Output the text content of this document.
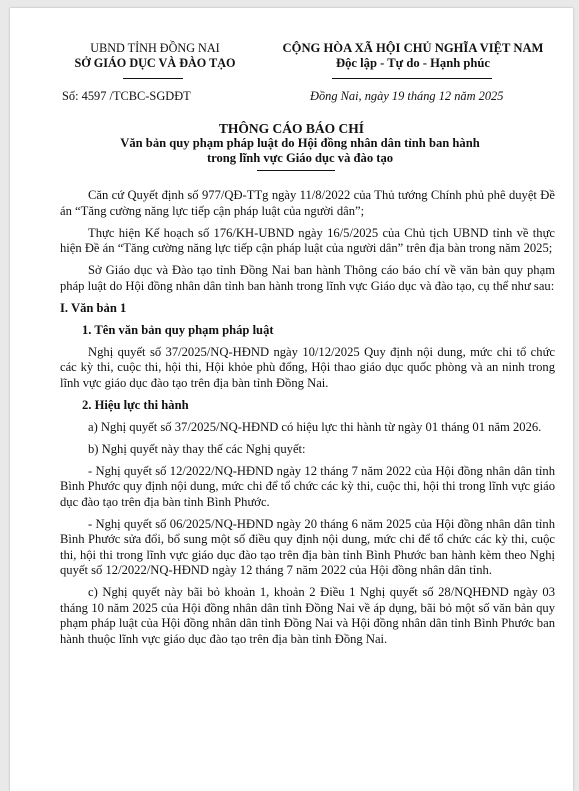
UBND TỈNH ĐỒNG NAI
SỞ GIÁO DỤC VÀ ĐÀO TẠO
CỘNG HÒA XÃ HỘI CHỦ NGHĨA VIỆT NAM
Độc lập - Tự do - Hạnh phúc
Số: 4597 /TCBC-SGDĐT	Đồng Nai, ngày 19 tháng 12 năm 2025
THÔNG CÁO BÁO CHÍ
Văn bản quy phạm pháp luật do Hội đồng nhân dân tỉnh ban hành
trong lĩnh vực Giáo dục và đào tạo

Căn cứ Quyết định số 977/QĐ-TTg ngày 11/8/2022 của Thủ tướng Chính phủ phê duyệt Đề án “Tăng cường năng lực tiếp cận pháp luật của người dân”;

Thực hiện Kế hoạch số 176/KH-UBND ngày 16/5/2025 của Chủ tịch UBND tỉnh về thực hiện Đề án “Tăng cường năng lực tiếp cận pháp luật của người dân” trên địa bàn trong năm 2025;

Sở Giáo dục và Đào tạo tỉnh Đồng Nai ban hành Thông cáo báo chí về văn bản quy phạm pháp luật do Hội đồng nhân dân tỉnh ban hành trong lĩnh vực Giáo dục và đào tạo, cụ thể như sau:

I. Văn bản 1

1. Tên văn bản quy phạm pháp luật

Nghị quyết số 37/2025/NQ-HĐND ngày 10/12/2025 Quy định nội dung, mức chi tổ chức các kỳ thi, cuộc thi, hội thi, Hội khỏe phù đổng, Hội thao giáo dục quốc phòng và an ninh trong lĩnh vực giáo dục đào tạo trên địa bàn tỉnh Đồng Nai.

2. Hiệu lực thi hành

a) Nghị quyết số 37/2025/NQ-HĐND có hiệu lực thi hành từ ngày 01 tháng 01 năm 2026.

b) Nghị quyết này thay thế các Nghị quyết:

- Nghị quyết số 12/2022/NQ-HĐND ngày 12 tháng 7 năm 2022 của Hội đồng nhân dân tỉnh Bình Phước quy định nội dung, mức chi để tổ chức các kỳ thi, cuộc thi, hội thi trong lĩnh vực giáo dục đào tạo trên địa bàn tỉnh Bình Phước.

- Nghị quyết số 06/2025/NQ-HĐND ngày 20 tháng 6 năm 2025 của Hội đồng nhân dân tỉnh Bình Phước sửa đổi, bổ sung một số điều quy định nội dung, mức chi để tổ chức các kỳ thi, cuộc thi, hội thi trong lĩnh vực giáo dục đào tạo trên địa bàn tỉnh Bình Phước ban hành kèm theo Nghị quyết số 12/2022/NQ-HĐND ngày 12 tháng 7 năm 2022 của Hội đồng nhân dân tỉnh.

c) Nghị quyết này bãi bỏ khoản 1, khoản 2 Điều 1 Nghị quyết số 28/NQHĐND ngày 03 tháng 10 năm 2025 của Hội đồng nhân dân tỉnh Đồng Nai về áp dụng, bãi bỏ một số văn bản quy phạm pháp luật của Hội đồng nhân dân tỉnh Đồng Nai và Hội đồng nhân dân tỉnh Bình Phước ban hành thuộc lĩnh vực giáo dục đào tạo trên địa bàn tỉnh Đồng Nai.
